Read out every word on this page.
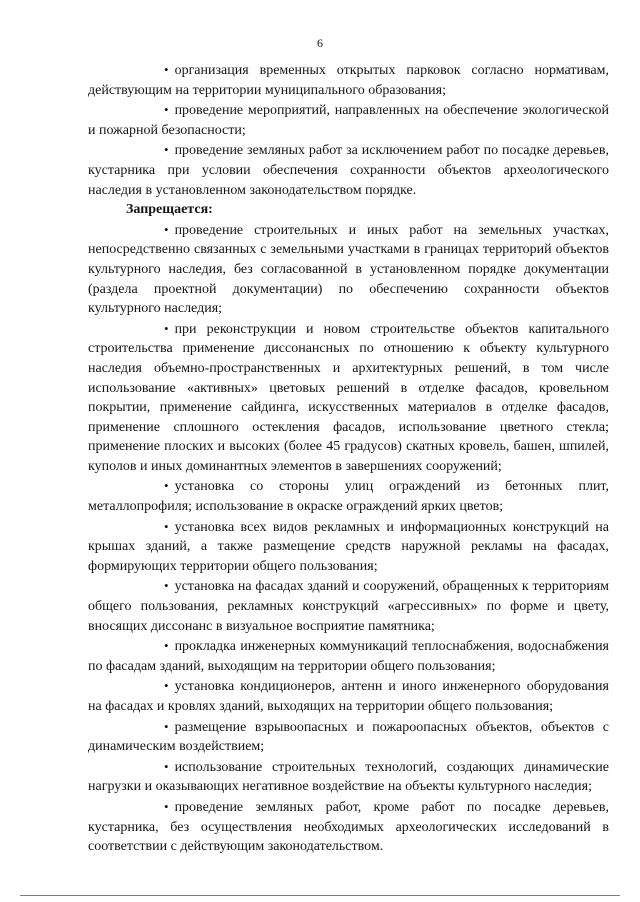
6

• организация временных открытых парковок согласно нормативам, действующим на территории муниципального образования;

• проведение мероприятий, направленных на обеспечение экологической и пожарной безопасности;

• проведение земляных работ за исключением работ по посадке деревьев, кустарника при условии обеспечения сохранности объектов археологического наследия в установленном законодательством порядке.

Запрещается:

• проведение строительных и иных работ на земельных участках, непосредственно связанных с земельными участками в границах территорий объектов культурного наследия, без согласованной в установленном порядке документации (раздела проектной документации) по обеспечению сохранности объектов культурного наследия;

• при реконструкции и новом строительстве объектов капитального строительства применение диссонансных по отношению к объекту культурного наследия объемно-пространственных и архитектурных решений, в том числе использование «активных» цветовых решений в отделке фасадов, кровельном покрытии, применение сайдинга, искусственных материалов в отделке фасадов, применение сплошного остекления фасадов, использование цветного стекла; применение плоских и высоких (более 45 градусов) скатных кровель, башен, шпилей, куполов и иных доминантных элементов в завершениях сооружений;

• установка со стороны улиц ограждений из бетонных плит, металлопрофиля; использование в окраске ограждений ярких цветов;

• установка всех видов рекламных и информационных конструкций на крышах зданий, а также размещение средств наружной рекламы на фасадах, формирующих территории общего пользования;

• установка на фасадах зданий и сооружений, обращенных к территориям общего пользования, рекламных конструкций «агрессивных» по форме и цвету, вносящих диссонанс в визуальное восприятие памятника;

• прокладка инженерных коммуникаций теплоснабжения, водоснабжения по фасадам зданий, выходящим на территории общего пользования;

• установка кондиционеров, антенн и иного инженерного оборудования на фасадах и кровлях зданий, выходящих на территории общего пользования;

• размещение взрывоопасных и пожароопасных объектов, объектов с динамическим воздействием;

• использование строительных технологий, создающих динамические нагрузки и оказывающих негативное воздействие на объекты культурного наследия;

• проведение земляных работ, кроме работ по посадке деревьев, кустарника, без осуществления необходимых археологических исследований в соответствии с действующим законодательством.
